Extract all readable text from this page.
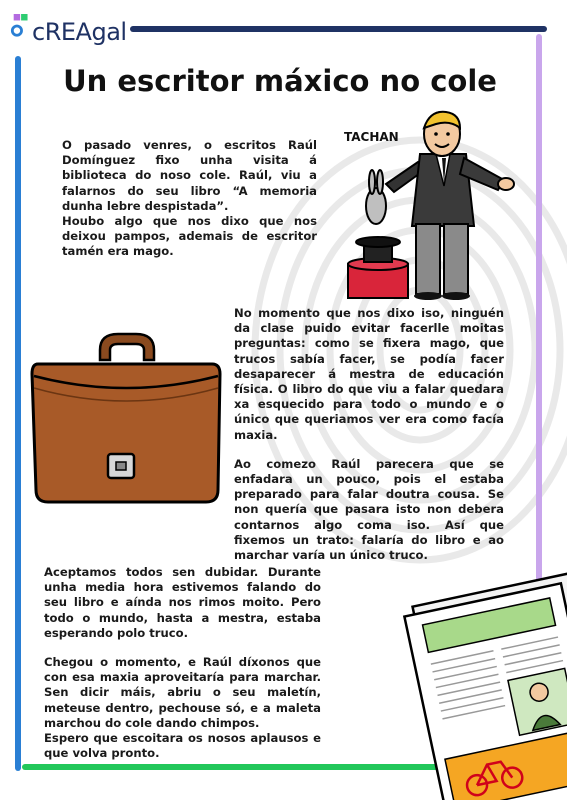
cREAgal
Un escritor máxico no cole

O pasado venres, o escritos Raúl Domínguez fixo unha visita á biblioteca do noso cole. Raúl, viu a falarnos do seu libro “A memoria dunha lebre despistada”.

Houbo algo que nos dixo que nos deixou pampos, ademais de escritor tamén era mago.

TACHAN

No momento que nos dixo iso, ninguén da clase puido evitar facerlle moitas preguntas: como se fixera mago, que trucos sabía facer, se podía facer desaparecer á mestra de educación física. O libro do que viu a falar quedara xa esquecido para todo o mundo e o único que queriamos ver era como facía maxia.

Ao comezo Raúl parecera que se enfadara un pouco, pois el estaba preparado para falar doutra cousa. Se non quería que pasara isto non debera contarnos algo coma iso. Así que fixemos un trato: falaría do libro e ao marchar varía un único truco.

Aceptamos todos sen dubidar. Durante unha media hora estivemos falando do seu libro e aínda nos rimos moito. Pero todo o mundo, hasta a mestra, estaba esperando polo truco.

Chegou o momento, e Raúl díxonos que con esa maxia aproveitaría para marchar. Sen dicir máis, abriu o seu maletín, meteuse dentro, pechouse só, e a maleta marchou do cole dando chimpos.

Espero que escoitara os nosos aplausos e que volva pronto.
